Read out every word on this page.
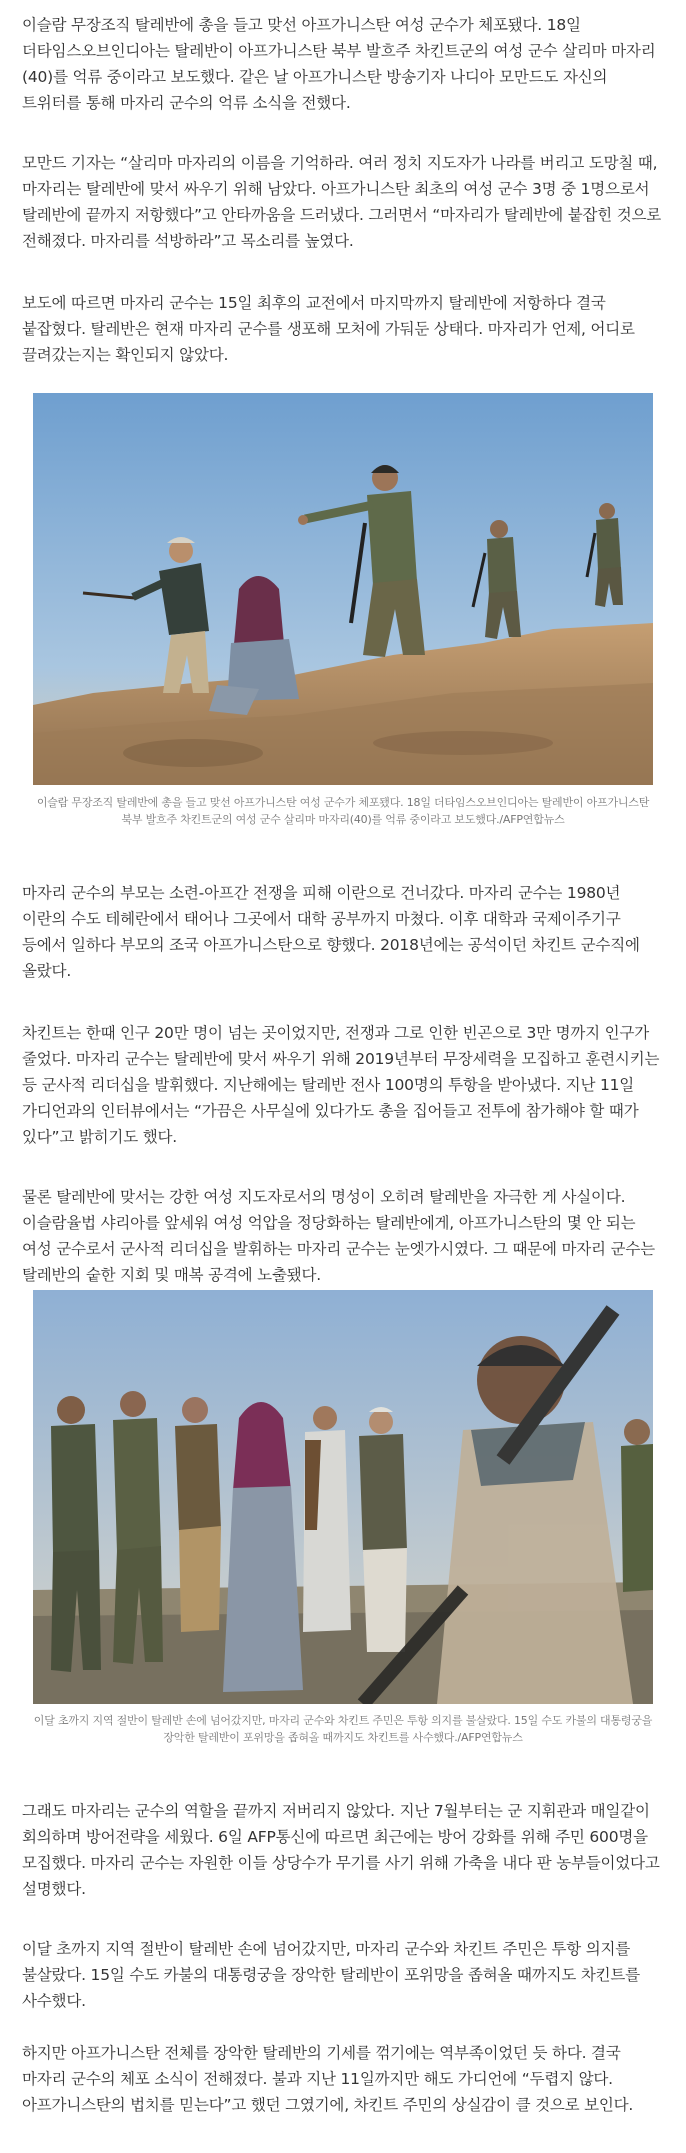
이슬람 무장조직 탈레반에 총을 들고 맞선 아프가니스탄 여성 군수가 체포됐다. 18일 더타임스오브인디아는 탈레반이 아프가니스탄 북부 발흐주 차킨트군의 여성 군수 살리마 마자리(40)를 억류 중이라고 보도했다. 같은 날 아프가니스탄 방송기자 나디아 모만드도 자신의 트위터를 통해 마자리 군수의 억류 소식을 전했다.

모만드 기자는 “살리마 마자리의 이름을 기억하라. 여러 정치 지도자가 나라를 버리고 도망칠 때, 마자리는 탈레반에 맞서 싸우기 위해 남았다. 아프가니스탄 최초의 여성 군수 3명 중 1명으로서 탈레반에 끝까지 저항했다”고 안타까움을 드러냈다. 그러면서 “마자리가 탈레반에 붙잡힌 것으로 전해졌다. 마자리를 석방하라”고 목소리를 높였다.

보도에 따르면 마자리 군수는 15일 최후의 교전에서 마지막까지 탈레반에 저항하다 결국 붙잡혔다. 탈레반은 현재 마자리 군수를 생포해 모처에 가둬둔 상태다. 마자리가 언제, 어디로 끌려갔는지는 확인되지 않았다.

이슬람 무장조직 탈레반에 총을 들고 맞선 아프가니스탄 여성 군수가 체포됐다. 18일 더타임스오브인디아는 탈레반이 아프가니스탄 북부 발흐주 차킨트군의 여성 군수 살리마 마자리(40)를 억류 중이라고 보도했다./AFP연합뉴스

마자리 군수의 부모는 소련-아프간 전쟁을 피해 이란으로 건너갔다. 마자리 군수는 1980년 이란의 수도 테헤란에서 태어나 그곳에서 대학 공부까지 마쳤다. 이후 대학과 국제이주기구 등에서 일하다 부모의 조국 아프가니스탄으로 향했다. 2018년에는 공석이던 차킨트 군수직에 올랐다.

차킨트는 한때 인구 20만 명이 넘는 곳이었지만, 전쟁과 그로 인한 빈곤으로 3만 명까지 인구가 줄었다. 마자리 군수는 탈레반에 맞서 싸우기 위해 2019년부터 무장세력을 모집하고 훈련시키는 등 군사적 리더십을 발휘했다. 지난해에는 탈레반 전사 100명의 투항을 받아냈다. 지난 11일 가디언과의 인터뷰에서는 “가끔은 사무실에 있다가도 총을 집어들고 전투에 참가해야 할 때가 있다”고 밝히기도 했다.

물론 탈레반에 맞서는 강한 여성 지도자로서의 명성이 오히려 탈레반을 자극한 게 사실이다. 이슬람율법 샤리아를 앞세워 여성 억압을 정당화하는 탈레반에게, 아프가니스탄의 몇 안 되는 여성 군수로서 군사적 리더십을 발휘하는 마자리 군수는 눈엣가시였다. 그 때문에 마자리 군수는 탈레반의 숱한 지회 및 매복 공격에 노출됐다.

이달 초까지 지역 절반이 탈레반 손에 넘어갔지만, 마자리 군수와 차킨트 주민은 투항 의지를 불살랐다. 15일 수도 카불의 대통령궁을 장악한 탈레반이 포위망을 좁혀올 때까지도 차킨트를 사수했다./AFP연합뉴스

그래도 마자리는 군수의 역할을 끝까지 저버리지 않았다. 지난 7월부터는 군 지휘관과 매일같이 회의하며 방어전략을 세웠다. 6일 AFP통신에 따르면 최근에는 방어 강화를 위해 주민 600명을 모집했다. 마자리 군수는 자원한 이들 상당수가 무기를 사기 위해 가축을 내다 판 농부들이었다고 설명했다.

이달 초까지 지역 절반이 탈레반 손에 넘어갔지만, 마자리 군수와 차킨트 주민은 투항 의지를 불살랐다. 15일 수도 카불의 대통령궁을 장악한 탈레반이 포위망을 좁혀올 때까지도 차킨트를 사수했다.

하지만 아프가니스탄 전체를 장악한 탈레반의 기세를 꺾기에는 역부족이었던 듯 하다. 결국 마자리 군수의 체포 소식이 전해졌다. 불과 지난 11일까지만 해도 가디언에 “두렵지 않다. 아프가니스탄의 법치를 믿는다”고 했던 그였기에, 차킨트 주민의 상실감이 클 것으로 보인다.
